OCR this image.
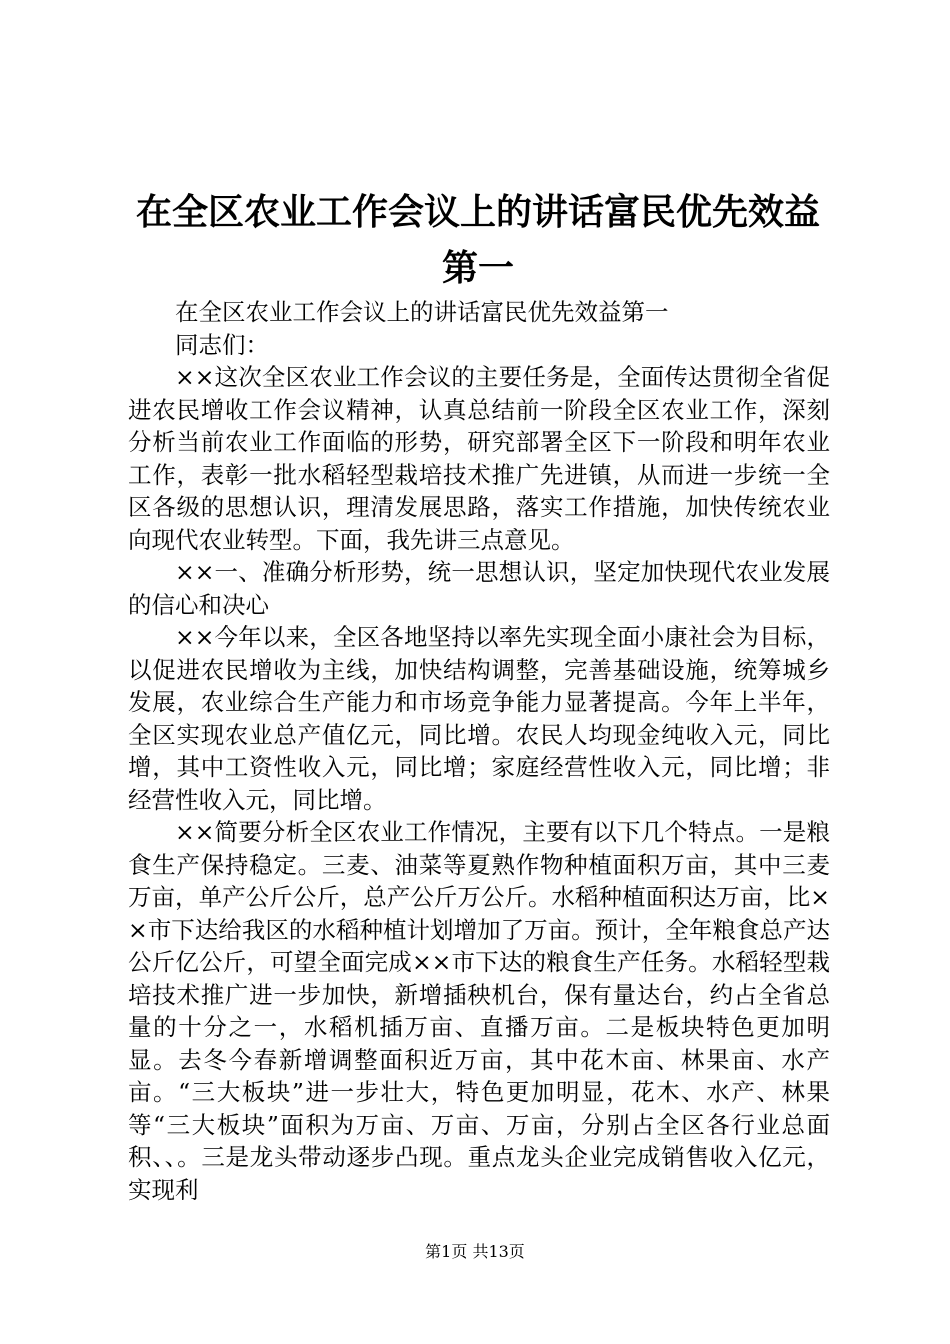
在全区农业工作会议上的讲话富民优先效益第一

在全区农业工作会议上的讲话富民优先效益第一

同志们：

××这次全区农业工作会议的主要任务是，全面传达贯彻全省促进农民增收工作会议精神，认真总结前一阶段全区农业工作，深刻分析当前农业工作面临的形势，研究部署全区下一阶段和明年农业工作，表彰一批水稻轻型栽培技术推广先进镇，从而进一步统一全区各级的思想认识，理清发展思路，落实工作措施，加快传统农业向现代农业转型。下面，我先讲三点意见。

××一、准确分析形势，统一思想认识，坚定加快现代农业发展的信心和决心

××今年以来，全区各地坚持以率先实现全面小康社会为目标，以促进农民增收为主线，加快结构调整，完善基础设施，统筹城乡发展，农业综合生产能力和市场竞争能力显著提高。今年上半年，全区实现农业总产值亿元，同比增。农民人均现金纯收入元，同比增，其中工资性收入元，同比增；家庭经营性收入元，同比增；非经营性收入元，同比增。

××简要分析全区农业工作情况，主要有以下几个特点。一是粮食生产保持稳定。三麦、油菜等夏熟作物种植面积万亩，其中三麦万亩，单产公斤公斤，总产公斤万公斤。水稻种植面积达万亩，比××市下达给我区的水稻种植计划增加了万亩。预计，全年粮食总产达公斤亿公斤，可望全面完成××市下达的粮食生产任务。水稻轻型栽培技术推广进一步加快，新增插秧机台，保有量达台，约占全省总量的十分之一，水稻机插万亩、直播万亩。二是板块特色更加明显。去冬今春新增调整面积近万亩，其中花木亩、林果亩、水产亩。“三大板块”进一步壮大，特色更加明显，花木、水产、林果等“三大板块”面积为万亩、万亩、万亩，分别占全区各行业总面积、、。三是龙头带动逐步凸现。重点龙头企业完成销售收入亿元，实现利

第1页 共13页
